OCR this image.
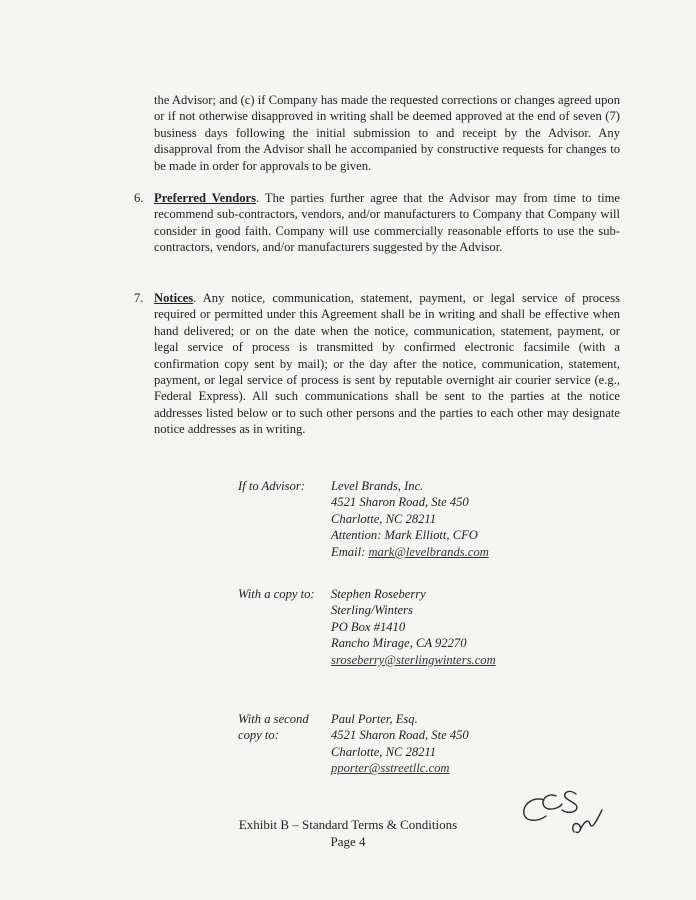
the Advisor; and (c) if Company has made the requested corrections or changes agreed upon or if not otherwise disapproved in writing shall be deemed approved at the end of seven (7) business days following the initial submission to and receipt by the Advisor. Any disapproval from the Advisor shall he accompanied by constructive requests for changes to be made in order for approvals to be given.

6. Preferred Vendors. The parties further agree that the Advisor may from time to time recommend sub-contractors, vendors, and/or manufacturers to Company that Company will consider in good faith. Company will use commercially reasonable efforts to use the sub-contractors, vendors, and/or manufacturers suggested by the Advisor.

7. Notices. Any notice, communication, statement, payment, or legal service of process required or permitted under this Agreement shall be in writing and shall be effective when hand delivered; or on the date when the notice, communication, statement, payment, or legal service of process is transmitted by confirmed electronic facsimile (with a confirmation copy sent by mail); or the day after the notice, communication, statement, payment, or legal service of process is sent by reputable overnight air courier service (e.g., Federal Express). All such communications shall be sent to the parties at the notice addresses listed below or to such other persons and the parties to each other may designate notice addresses as in writing.

If to Advisor: Level Brands, Inc.
4521 Sharon Road, Ste 450
Charlotte, NC 28211
Attention: Mark Elliott, CFO
Email: mark@levelbrands.com
With a copy to: Stephen Roseberry
Sterling/Winters
PO Box #1410
Rancho Mirage, CA 92270
sroseberry@sterlingwinters.com
With a second
copy to:
Paul Porter, Esq.
4521 Sharon Road, Ste 450
Charlotte, NC 28211
pporter@sstreetllc.com
Exhibit B – Standard Terms & Conditions
Page 4
